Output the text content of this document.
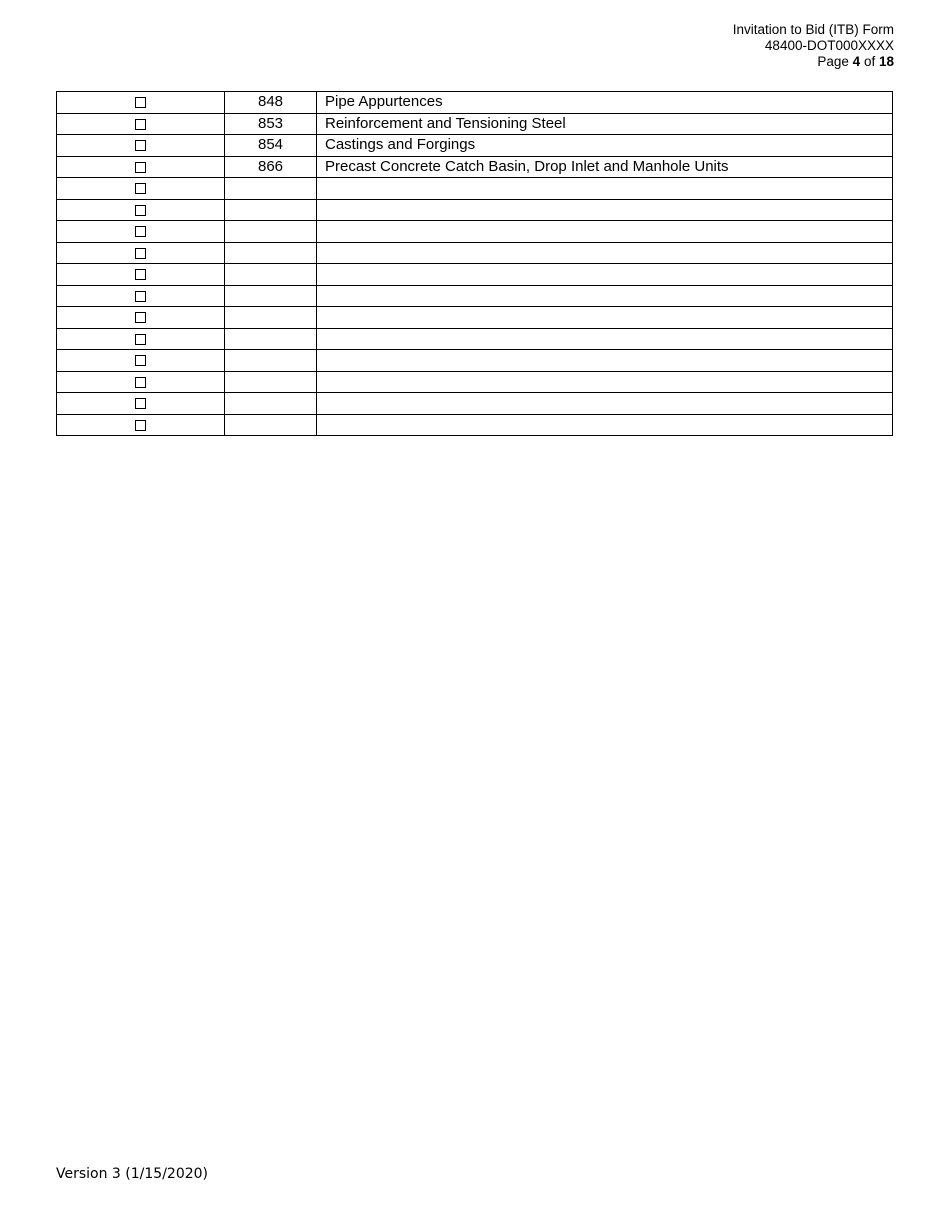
Invitation to Bid (ITB) Form
48400-DOT000XXXX
Page 4 of 18
	848	Pipe Appurtences
	853	Reinforcement and Tensioning Steel
	854	Castings and Forgings
	866	Precast Concrete Catch Basin, Drop Inlet and Manhole Units

Version 3 (1/15/2020)
